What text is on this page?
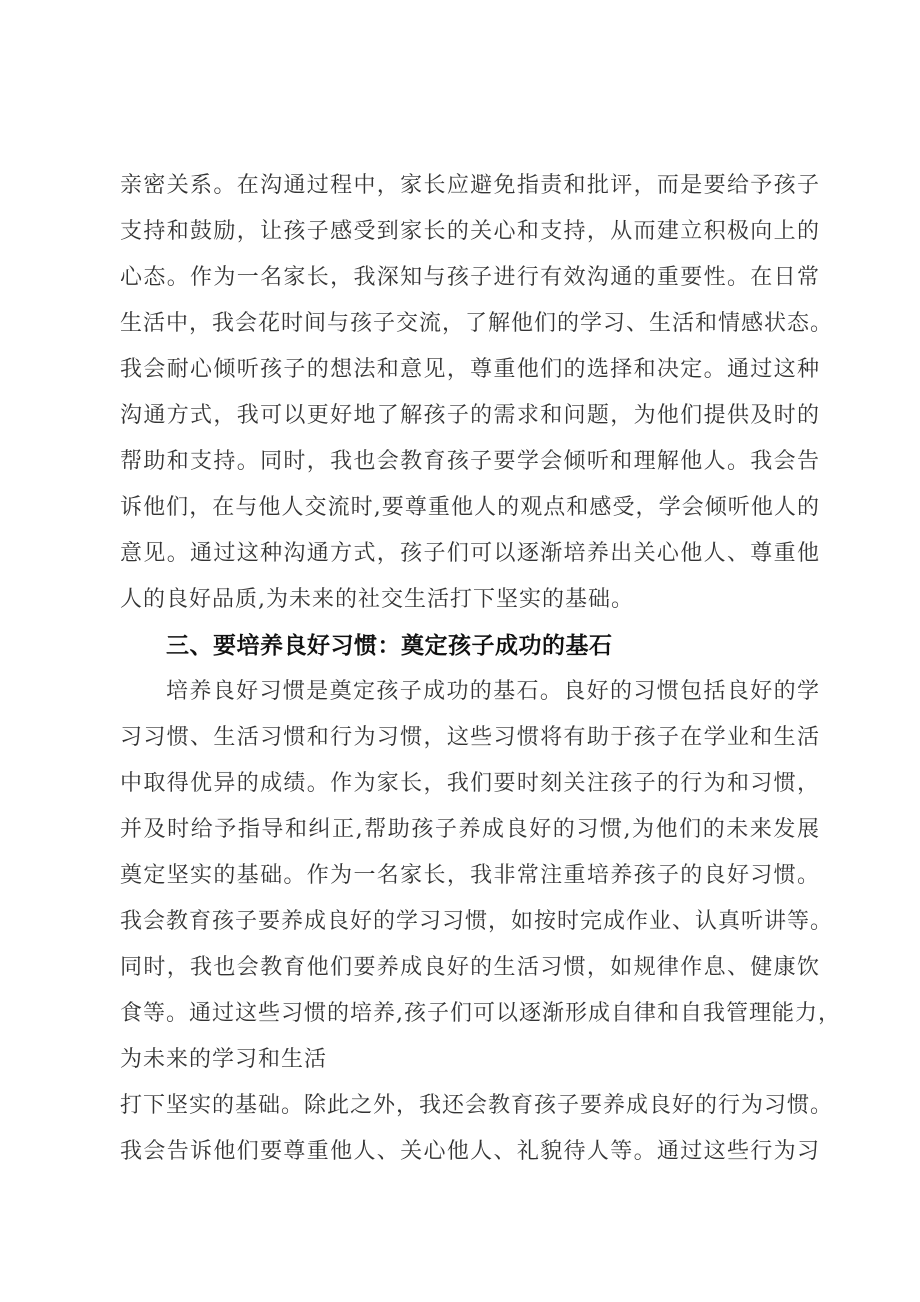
亲密关系。在沟通过程中，家长应避免指责和批评，而是要给予孩子
支持和鼓励，让孩子感受到家长的关心和支持，从而建立积极向上的
心态。作为一名家长，我深知与孩子进行有效沟通的重要性。在日常
生活中，我会花时间与孩子交流，了解他们的学习、生活和情感状态。
我会耐心倾听孩子的想法和意见，尊重他们的选择和决定。通过这种
沟通方式，我可以更好地了解孩子的需求和问题，为他们提供及时的
帮助和支持。同时，我也会教育孩子要学会倾听和理解他人。我会告
诉他们，在与他人交流时,要尊重他人的观点和感受，学会倾听他人的
意见。通过这种沟通方式，孩子们可以逐渐培养出关心他人、尊重他
人的良好品质,为未来的社交生活打下坚实的基础。
三、要培养良好习惯：奠定孩子成功的基石
培养良好习惯是奠定孩子成功的基石。良好的习惯包括良好的学
习习惯、生活习惯和行为习惯，这些习惯将有助于孩子在学业和生活
中取得优异的成绩。作为家长，我们要时刻关注孩子的行为和习惯，
并及时给予指导和纠正,帮助孩子养成良好的习惯,为他们的未来发展
奠定坚实的基础。作为一名家长，我非常注重培养孩子的良好习惯。
我会教育孩子要养成良好的学习习惯，如按时完成作业、认真听讲等。
同时，我也会教育他们要养成良好的生活习惯，如规律作息、健康饮
食等。通过这些习惯的培养,孩子们可以逐渐形成自律和自我管理能力，
为未来的学习和生活
打下坚实的基础。除此之外，我还会教育孩子要养成良好的行为习惯。
我会告诉他们要尊重他人、关心他人、礼貌待人等。通过这些行为习
